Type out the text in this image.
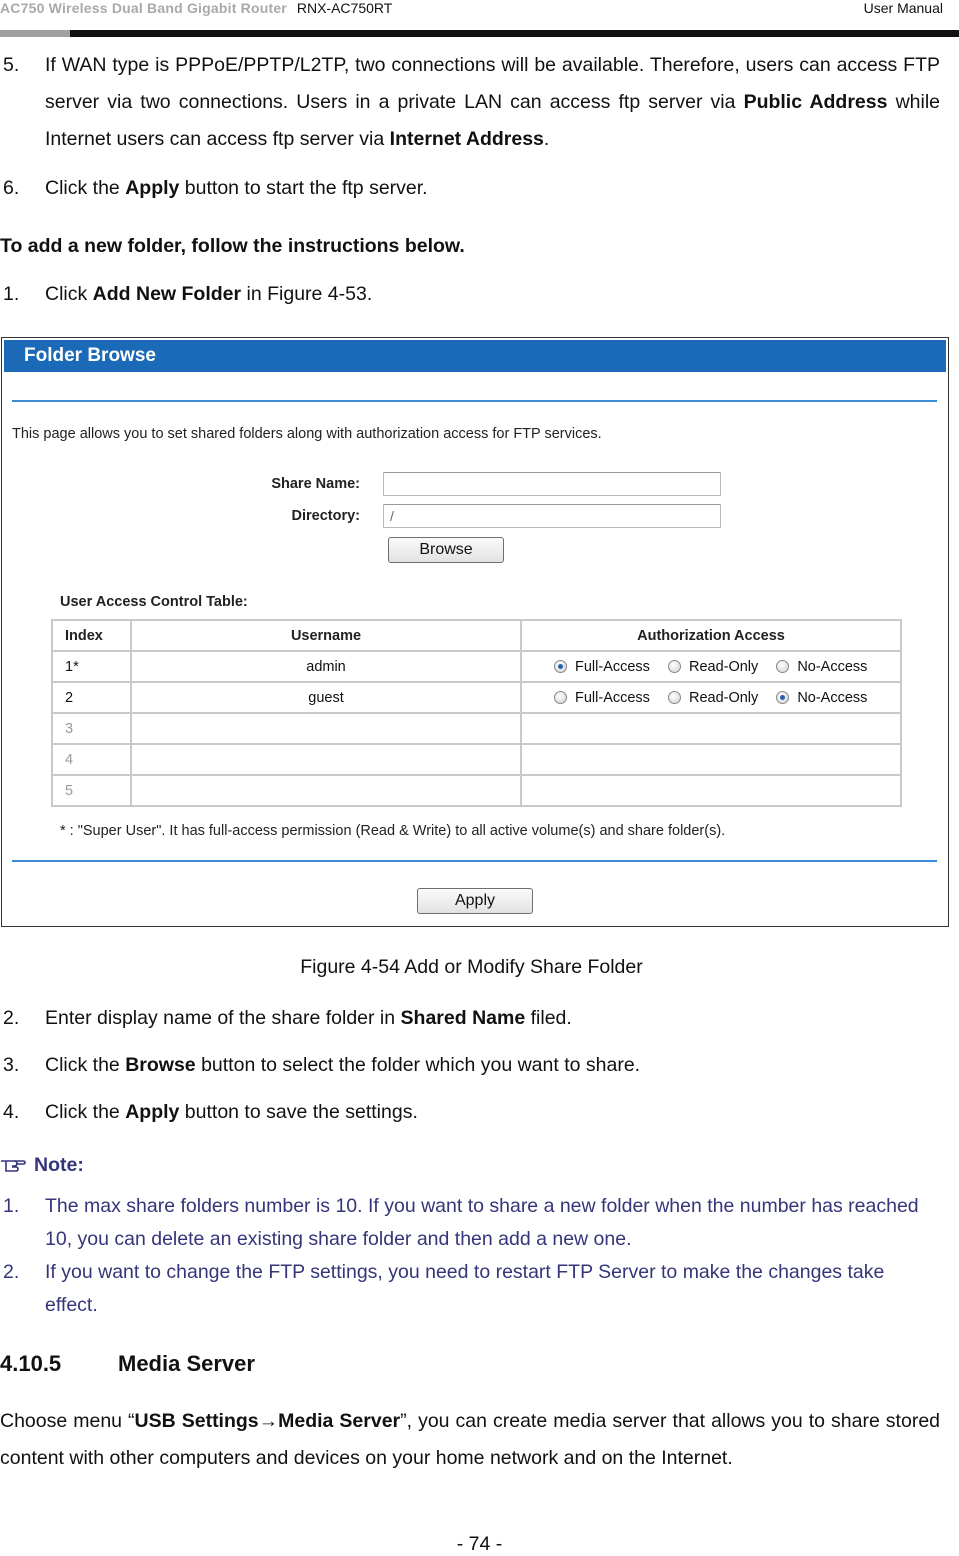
AC750 Wireless Dual Band Gigabit Router RNX-AC750RT	User Manual
5. If WAN type is PPPoE/PPTP/L2TP, two connections will be available. Therefore, users can access FTP server via two connections. Users in a private LAN can access ftp server via Public Address while Internet users can access ftp server via Internet Address.
6. Click the Apply button to start the ftp server.
To add a new folder, follow the instructions below.
1. Click Add New Folder in Figure 4-53.
Folder Browse
This page allows you to set shared folders along with authorization access for FTP services.
Share Name:
Directory:	/
Browse
User Access Control Table:
Index	Username	Authorization Access
1*	admin	Full-Access Read-Only No-Access
2	guest	Full-Access Read-Only No-Access
3		
4		
5		
* : "Super User". It has full-access permission (Read & Write) to all active volume(s) and share folder(s).
Apply
Figure 4-54 Add or Modify Share Folder
2. Enter display name of the share folder in Shared Name filed.
3. Click the Browse button to select the folder which you want to share.
4. Click the Apply button to save the settings.
Note:
1. The max share folders number is 10. If you want to share a new folder when the number has reached 10, you can delete an existing share folder and then add a new one.
2. If you want to change the FTP settings, you need to restart FTP Server to make the changes take effect.
4.10.5	Media Server
Choose menu “USB Settings→Media Server”, you can create media server that allows you to share stored content with other computers and devices on your home network and on the Internet.
- 74 -
